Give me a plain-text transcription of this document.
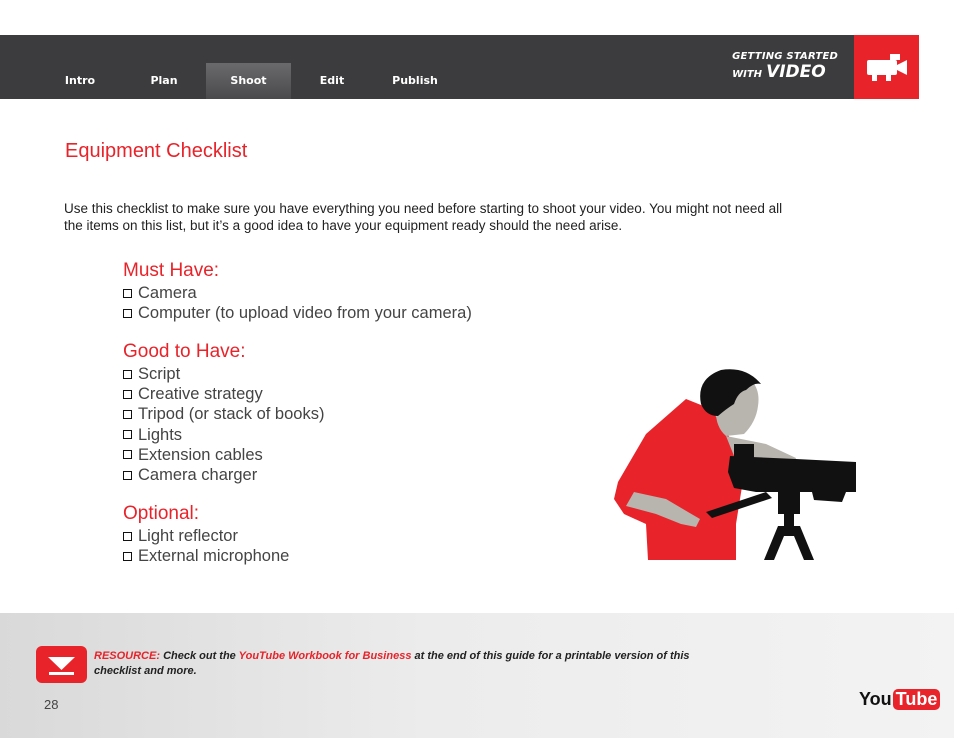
Intro	Plan	Shoot	Edit	Publish
GETTING STARTED
WITH VIDEO
Equipment Checklist
Use this checklist to make sure you have everything you need before starting to shoot your video. You might not need all the items on this list, but it’s a good idea to have your equipment ready should the need arise.
Must Have:
Camera
Computer (to upload video from your camera)
Good to Have:
Script
Creative strategy
Tripod (or stack of books)
Lights
Extension cables
Camera charger
Optional:
Light reflector
External microphone
RESOURCE: Check out the YouTube Workbook for Business at the end of this guide for a printable version of this checklist and more.
28	You Tube
